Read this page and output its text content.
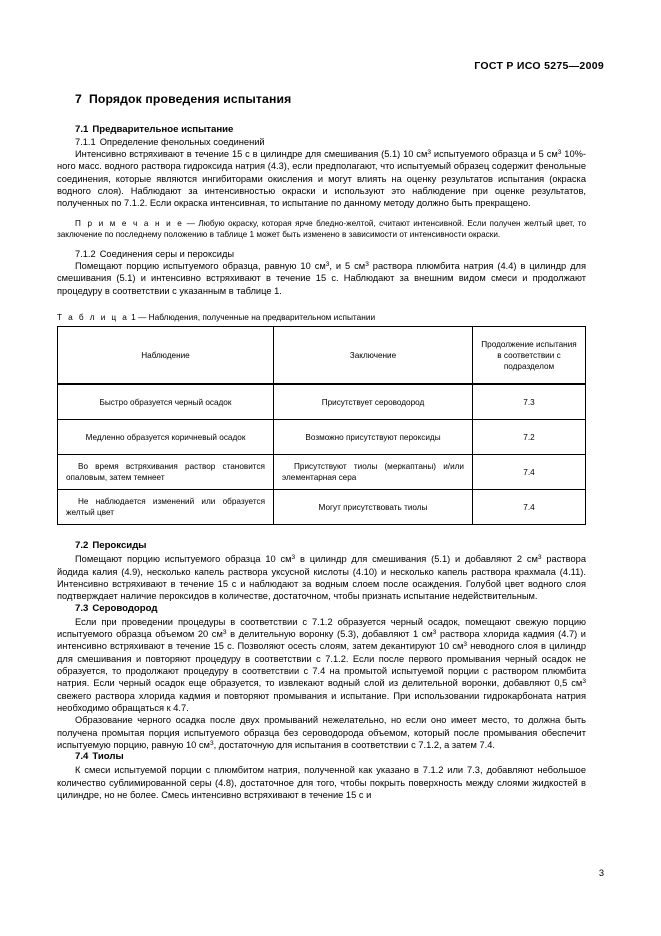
ГОСТ Р ИСО 5275—2009
7 Порядок проведения испытания
7.1 Предварительное испытание
7.1.1 Определение фенольных соединений

Интенсивно встряхивают в течение 15 с в цилиндре для смешивания (5.1) 10 $см^3$ испытуемого образца и 5 $см^3$ 10%-ного масс. водного раствора гидроксида натрия (4.3), если предполагают, что испытуемый образец содержит фенольные соединения, которые являются ингибиторами окисления и могут влиять на оценку результатов испытания (окраска водного слоя). Наблюдают за интенсивностью окраски и используют это наблюдение при оценке результатов, полученных по 7.1.2. Если окраска интенсивная, то испытание по данному методу должно быть прекращено.

П р и м е ч а н и е — Любую окраску, которая ярче бледно-желтой, считают интенсивной. Если получен желтый цвет, то заключение по последнему положению в таблице 1 может быть изменено в зависимости от интенсивности окраски.

7.1.2 Соединения серы и пероксиды

Помещают порцию испытуемого образца, равную 10 $см^3$, и 5 $см^3$ раствора плюмбита натрия (4.4) в цилиндр для смешивания (5.1) и интенсивно встряхивают в течение 15 с. Наблюдают за внешним видом смеси и продолжают процедуру в соответствии с указанным в таблице 1.

Т а б л и ц а 1 — Наблюдения, полученные на предварительном испытании
Наблюдение	Заключение	Продолжение испытания
в соответствии с
подразделом
Быстро образуется черный осадок	Присутствует сероводород	7.3
Медленно образуется коричневый осадок	Возможно присутствуют пероксиды	7.2
Во время встряхивания раствор становится опаловым, затем темнеет	Присутствуют тиолы (меркаптаны) и/или элементарная сера	7.4
Не наблюдается изменений или образуется желтый цвет	Могут присутствовать тиолы	7.4
7.2 Пероксиды

Помещают порцию испытуемого образца 10 $см^3$ в цилиндр для смешивания (5.1) и добавляют 2 $см^3$ раствора йодида калия (4.9), несколько капель раствора уксусной кислоты (4.10) и несколько капель раствора крахмала (4.11). Интенсивно встряхивают в течение 15 с и наблюдают за водным слоем после осаждения. Голубой цвет водного слоя подтверждает наличие пероксидов в количестве, достаточном, чтобы признать испытание недействительным.

7.3 Сероводород

Если при проведении процедуры в соответствии с 7.1.2 образуется черный осадок, помещают свежую порцию испытуемого образца объемом 20 $см^3$ в делительную воронку (5.3), добавляют 1 $см^3$ раствора хлорида кадмия (4.7) и интенсивно встряхивают в течение 15 с. Позволяют осесть слоям, затем декантируют 10 $см^3$ неводного слоя в цилиндр для смешивания и повторяют процедуру в соответствии с 7.1.2. Если после первого промывания черный осадок не образуется, то продолжают процедуру в соответствии с 7.4 на промытой испытуемой порции с раствором плюмбита натрия. Если черный осадок еще образуется, то извлекают водный слой из делительной воронки, добавляют 0,5 $см^3$ свежего раствора хлорида кадмия и повторяют промывания и испытание. При использовании гидрокарбоната натрия необходимо обращаться к 4.7.

Образование черного осадка после двух промываний нежелательно, но если оно имеет место, то должна быть получена промытая порция испытуемого образца без сероводорода объемом, который после промывания обеспечит испытуемую порцию, равную 10 $см^3$, достаточную для испытания в соответствии с 7.1.2, а затем 7.4.

7.4 Тиолы

К смеси испытуемой порции с плюмбитом натрия, полученной как указано в 7.1.2 или 7.3, добавляют небольшое количество сублимированной серы (4.8), достаточное для того, чтобы покрыть поверхность между слоями жидкостей в цилиндре, но не более. Смесь интенсивно встряхивают в течение 15 с и

3
